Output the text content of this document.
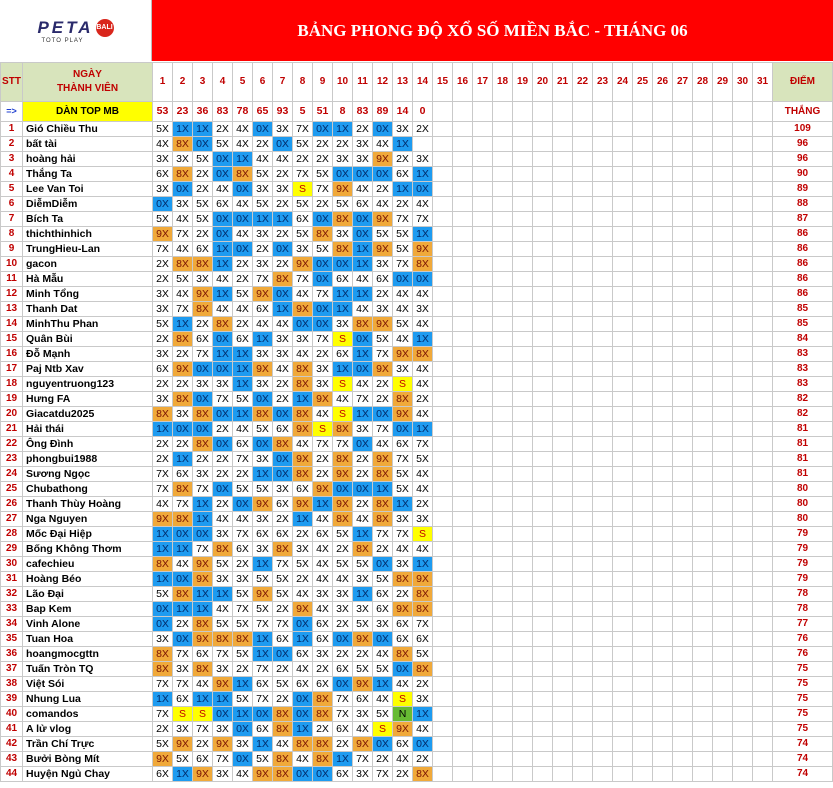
PETA BALI
TOTO PLAY
BẢNG PHONG ĐỘ XỔ SỐ MIỀN BẮC - THÁNG 06
STT	NGÀY
THÀNH VIÊN	1	2	3	4	5	6	7	8	9	10	11	12	13	14	15	16	17	18	19	20	21	22	23	24	25	26	27	28	29	30	31	ĐIỂM
=>	DÀN TOP MB	53	23	36	83	78	65	93	5	51	8	83	89	14	0																		THẮNG
1	Gió Chiều Thu	5X	1X	1X	2X	4X	0X	3X	7X	0X	1X	2X	0X	3X	2X																		109
2	bất tài	4X	8X	0X	5X	4X	2X	0X	5X	2X	2X	3X	4X	1X																			96
3	hoàng hải	3X	3X	5X	0X	1X	4X	4X	2X	2X	3X	3X	9X	2X	3X																		96
4	Thắng Ta	6X	8X	2X	0X	8X	5X	2X	7X	5X	0X	0X	0X	6X	1X																		90
5	Lee Van Toi	3X	0X	2X	4X	0X	3X	3X	S	7X	9X	4X	2X	1X	0X																		89
6	DiễmDiễm	0X	3X	5X	6X	4X	5X	2X	5X	2X	5X	6X	4X	2X	4X																		88
7	Bích Ta	5X	4X	5X	0X	0X	1X	1X	6X	0X	8X	0X	9X	7X	7X																		87
8	thichthinhich	9X	7X	2X	0X	4X	3X	2X	5X	8X	3X	0X	5X	5X	1X																		86
9	TrungHieu-Lan	7X	4X	6X	1X	0X	2X	0X	3X	5X	8X	1X	9X	5X	9X																		86
10	gacon	2X	8X	8X	1X	2X	3X	2X	9X	0X	0X	1X	3X	7X	8X																		86
11	Hà Mẫu	2X	5X	3X	4X	2X	7X	8X	7X	0X	6X	4X	6X	0X	0X																		86
12	Minh Tổng	3X	4X	9X	1X	5X	9X	0X	4X	7X	1X	1X	2X	4X	4X																		86
13	Thanh Dat	3X	7X	8X	4X	4X	6X	1X	9X	0X	1X	4X	3X	4X	3X																		85
14	MinhThu Phan	5X	1X	2X	8X	2X	4X	4X	0X	0X	3X	8X	9X	5X	4X																		85
15	Quân Bùi	2X	8X	6X	0X	6X	1X	3X	3X	7X	S	0X	5X	4X	1X																		84
16	Đỗ Mạnh	3X	2X	7X	1X	1X	3X	3X	4X	2X	6X	1X	7X	9X	8X																		83
17	Paj Ntb Xav	6X	9X	0X	0X	1X	9X	4X	8X	3X	1X	0X	9X	3X	4X																		83
18	nguyentruong123	2X	2X	3X	3X	1X	3X	2X	8X	3X	S	4X	2X	S	4X																		83
19	Hưng FA	3X	8X	0X	7X	5X	0X	2X	1X	9X	4X	7X	2X	8X	2X																		82
20	Giacatdu2025	8X	3X	8X	0X	1X	8X	0X	8X	4X	S	1X	0X	9X	4X																		82
21	Hải thái	1X	0X	0X	2X	4X	5X	6X	9X	S	8X	3X	7X	0X	1X																		81
22	Ông Đình	2X	2X	8X	0X	6X	0X	8X	4X	7X	7X	0X	4X	6X	7X																		81
23	phongbui1988	2X	1X	2X	2X	7X	3X	0X	9X	2X	8X	2X	9X	7X	5X																		81
24	Sương Ngọc	7X	6X	3X	2X	2X	1X	0X	8X	2X	9X	2X	8X	5X	4X																		81
25	Chubathong	7X	8X	7X	0X	5X	5X	3X	6X	9X	0X	0X	1X	5X	4X																		80
26	Thanh Thùy Hoàng	4X	7X	1X	2X	0X	9X	6X	9X	1X	9X	2X	8X	1X	2X																		80
27	Nga Nguyen	9X	8X	1X	4X	4X	3X	2X	1X	4X	8X	4X	8X	3X	3X																		80
28	Mốc Đại Hiệp	1X	0X	0X	3X	7X	6X	6X	2X	6X	5X	1X	7X	7X	S																		79
29	Bống Không Thơm	1X	1X	7X	8X	6X	3X	8X	3X	4X	2X	8X	2X	4X	4X																		79
30	cafechieu	8X	4X	9X	5X	2X	1X	7X	5X	4X	5X	5X	0X	3X	1X																		79
31	Hoàng Béo	1X	0X	9X	3X	3X	5X	5X	2X	4X	4X	3X	5X	8X	9X																		79
32	Lão Đại	5X	8X	1X	1X	5X	9X	5X	4X	3X	3X	1X	6X	2X	8X																		78
33	Bap Kem	0X	1X	1X	4X	7X	5X	2X	9X	4X	3X	3X	6X	9X	8X																		78
34	Vinh Alone	0X	2X	8X	5X	5X	7X	7X	0X	6X	2X	5X	3X	6X	7X																		77
35	Tuan Hoa	3X	0X	9X	8X	8X	1X	6X	1X	6X	0X	9X	0X	6X	6X																		76
36	hoangmocgttn	8X	7X	6X	7X	5X	1X	0X	6X	3X	2X	2X	4X	8X	5X																		76
37	Tuấn Tròn TQ	8X	3X	8X	3X	2X	7X	2X	4X	2X	6X	5X	5X	0X	8X																		75
38	Việt Sói	7X	7X	4X	9X	1X	6X	5X	6X	6X	0X	9X	1X	4X	2X																		75
39	Nhung Lua	1X	6X	1X	1X	5X	7X	2X	0X	8X	7X	6X	4X	S	3X																		75
40	comandos	7X	S	S	0X	1X	0X	8X	0X	8X	7X	3X	5X	N	1X																		75
41	A lử vlog	2X	3X	7X	3X	0X	6X	8X	1X	2X	6X	4X	S	9X	4X																		75
42	Trần Chí Trực	5X	9X	2X	9X	3X	1X	4X	8X	8X	2X	9X	0X	6X	0X																		74
43	Bưởi Bòng Mít	9X	5X	6X	7X	0X	5X	8X	4X	8X	1X	7X	2X	4X	2X																		74
44	Huyện Ngủ Chay	6X	1X	9X	3X	4X	9X	8X	0X	0X	6X	3X	7X	2X	8X																		74
